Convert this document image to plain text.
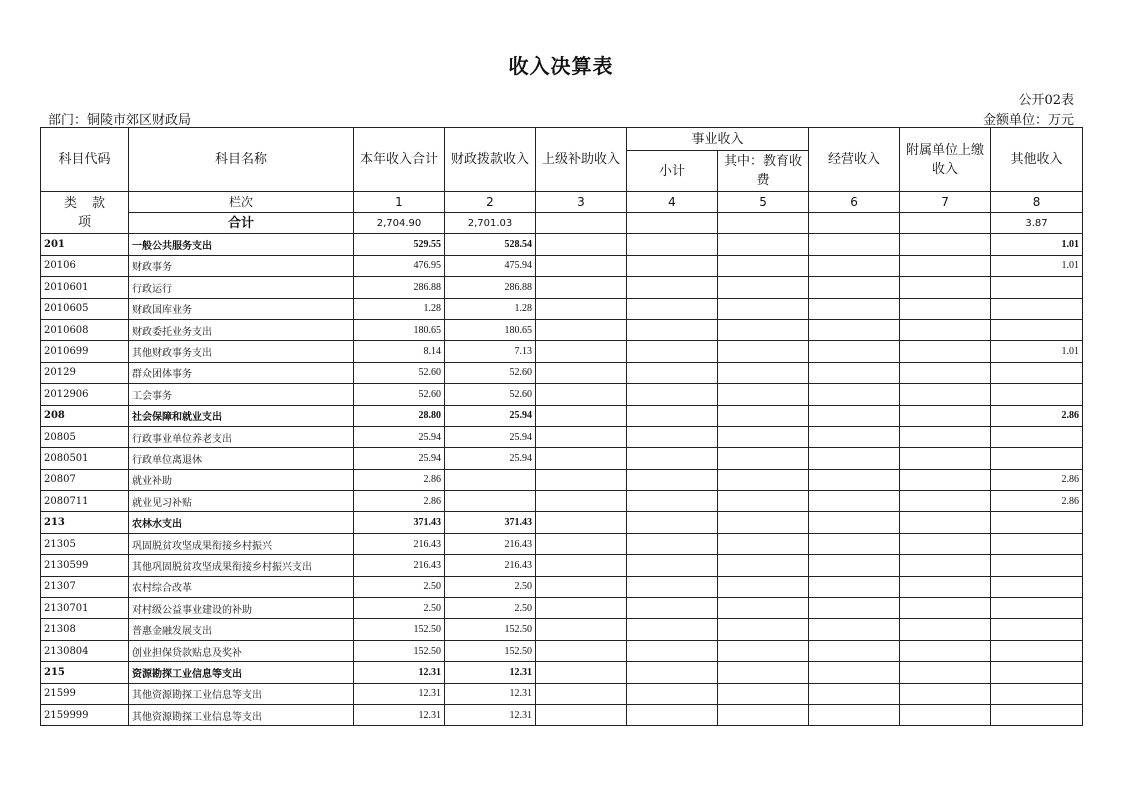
收入决算表
公开02表
部门：铜陵市郊区财政局	金额单位：万元
科目代码	科目名称	本年收入合计	财政拨款收入	上级补助收入	事业收入		经营收入	附属单位上缴收入	其他收入
					小计	其中：教育收费			
类 款项	栏次	1	2	3	4	5	6	7	8
	合计	2,704.90	2,701.03						3.87
201	一般公共服务支出	529.55	528.54						1.01
20106	财政事务	476.95	475.94						1.01
2010601	行政运行	286.88	286.88						
2010605	财政国库业务	1.28	1.28						
2010608	财政委托业务支出	180.65	180.65						
2010699	其他财政事务支出	8.14	7.13						1.01
20129	群众团体事务	52.60	52.60						
2012906	工会事务	52.60	52.60						
208	社会保障和就业支出	28.80	25.94						2.86
20805	行政事业单位养老支出	25.94	25.94						
2080501	行政单位离退休	25.94	25.94						
20807	就业补助	2.86							2.86
2080711	就业见习补贴	2.86							2.86
213	农林水支出	371.43	371.43						
21305	巩固脱贫攻坚成果衔接乡村振兴	216.43	216.43						
2130599	其他巩固脱贫攻坚成果衔接乡村振兴支出	216.43	216.43						
21307	农村综合改革	2.50	2.50						
2130701	对村级公益事业建设的补助	2.50	2.50						
21308	普惠金融发展支出	152.50	152.50						
2130804	创业担保贷款贴息及奖补	152.50	152.50						
215	资源勘探工业信息等支出	12.31	12.31						
21599	其他资源勘探工业信息等支出	12.31	12.31						
2159999	其他资源勘探工业信息等支出	12.31	12.31						
